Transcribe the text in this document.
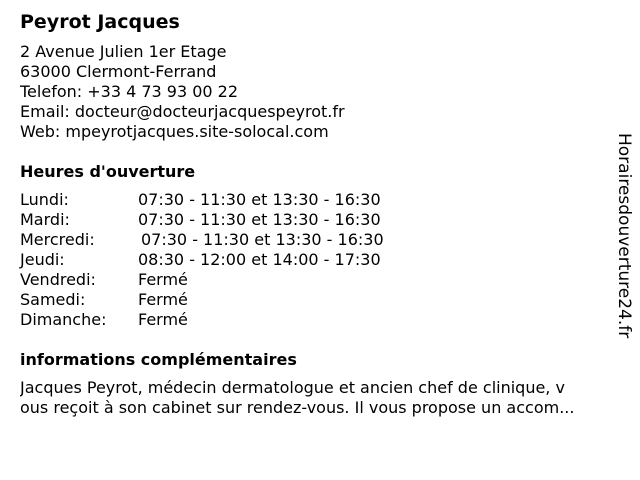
Peyrot Jacques
2 Avenue Julien 1er Etage
63000 Clermont-Ferrand
Telefon: +33 4 73 93 00 22
Email: docteur@docteurjacquespeyrot.fr
Web: mpeyrotjacques.site-solocal.com
Heures d'ouverture
Lundi:	07:30 - 11:30 et 13:30 - 16:30
Mardi:	07:30 - 11:30 et 13:30 - 16:30
Mercredi:	07:30 - 11:30 et 13:30 - 16:30
Jeudi:	08:30 - 12:00 et 14:00 - 17:30
Vendredi:	Fermé
Samedi:	Fermé
Dimanche:	Fermé
informations complémentaires
Jacques Peyrot, médecin dermatologue et ancien chef de clinique, v
ous reçoit à son cabinet sur rendez-vous. Il vous propose un accom...
Horairesdouverture24.fr
